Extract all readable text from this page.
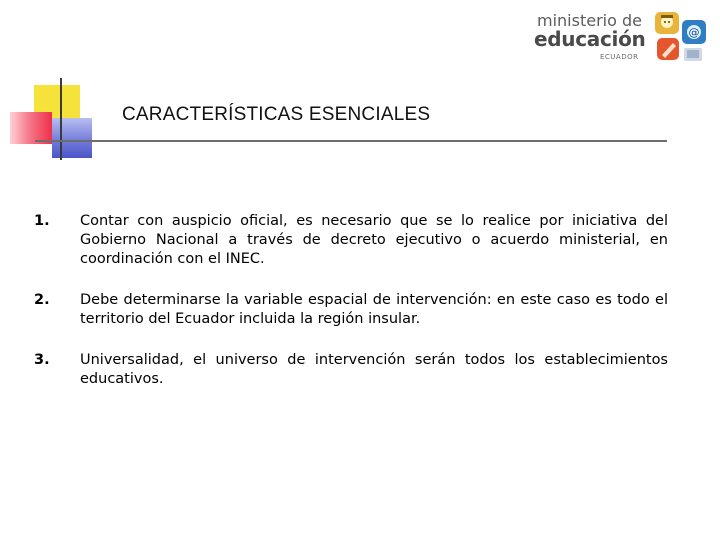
CARACTERÍSTICAS ESENCIALES
ministerio de
educación
ECUADOR
@
1. Contar con auspicio oficial, es necesario que se lo realice por iniciativa del Gobierno Nacional a través de decreto ejecutivo o acuerdo ministerial, en coordinación con el INEC.
2. Debe determinarse la variable espacial de intervención: en este caso es todo el territorio del Ecuador incluida la región insular.
3. Universalidad, el universo de intervención serán todos los establecimientos educativos.
